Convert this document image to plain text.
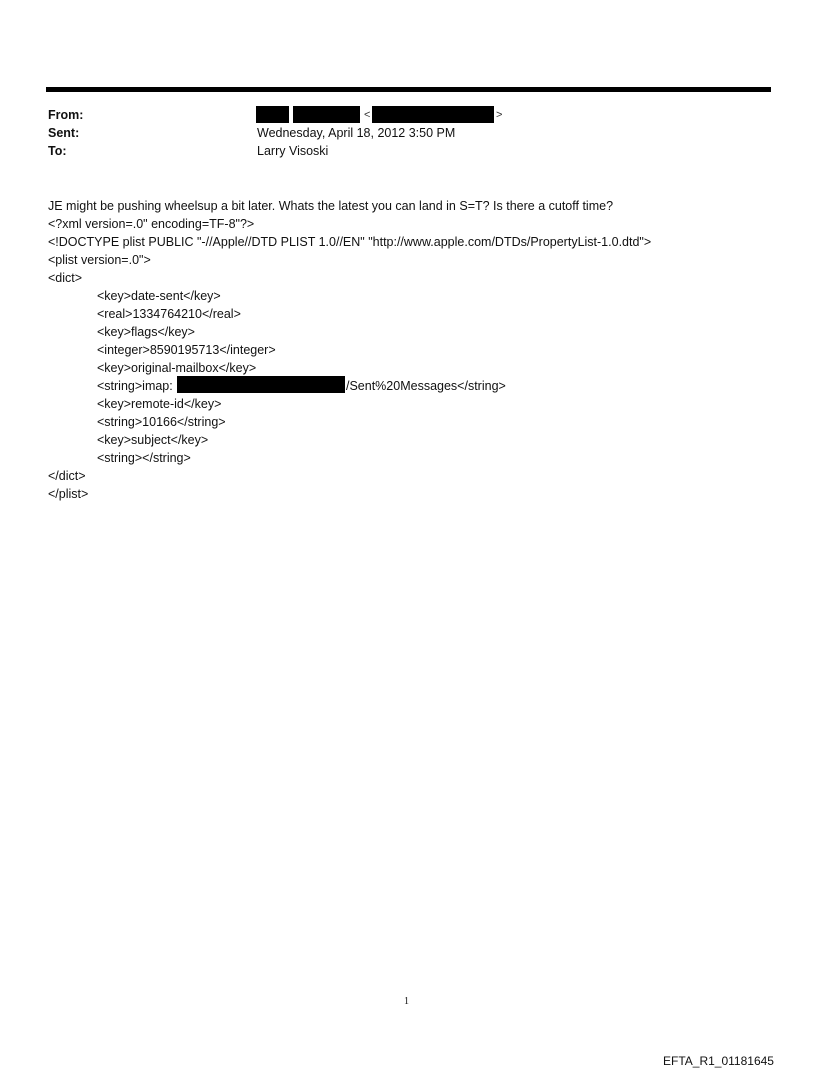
From:
Sent:
To:
<	>
Wednesday, April 18, 2012 3:50 PM
Larry Visoski
JE might be pushing wheelsup a bit later. Whats the latest you can land in S=T? Is there a cutoff time?
<?xml version=.0" encoding=TF-8"?>
<!DOCTYPE plist PUBLIC "-//Apple//DTD PLIST 1.0//EN" "http://www.apple.com/DTDs/PropertyList-1.0.dtd">
<plist version=.0">
<dict>
<key>date-sent</key>
<real>1334764210</real>
<key>flags</key>
<integer>8590195713</integer>
<key>original-mailbox</key>
<string>imap:	/Sent%20Messages</string>
<key>remote-id</key>
<string>10166</string>
<key>subject</key>
<string></string>
</dict>
</plist>
1
EFTA_R1_01181645
